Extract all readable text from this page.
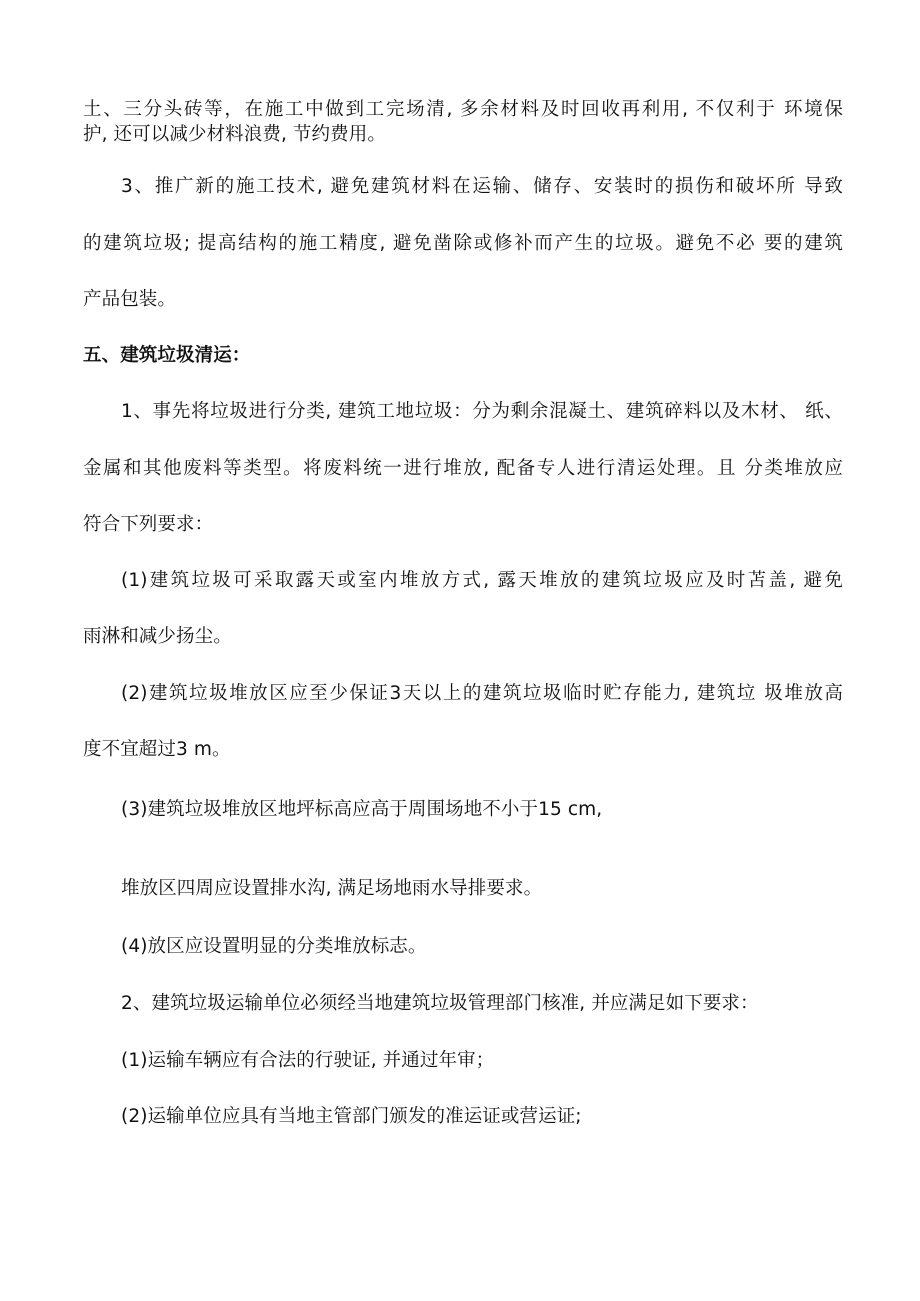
土、三分头砖等，在施工中做到工完场清, 多余材料及时回收再利用, 不仅利于 环境保
护, 还可以减少材料浪费, 节约费用。
3、推广新的施工技术, 避免建筑材料在运输、储存、安装时的损伤和破坏所 导致
的建筑垃圾; 提高结构的施工精度, 避免凿除或修补而产生的垃圾。避免不必 要的建筑
产品包装。
五、建筑垃圾清运：
1、事先将垃圾进行分类, 建筑工地垃圾：分为剩余混凝土、建筑碎料以及木材、 纸、
金属和其他废料等类型。将废料统一进行堆放, 配备专人进行清运处理。且 分类堆放应
符合下列要求：
(1)建筑垃圾可采取露天或室内堆放方式, 露天堆放的建筑垃圾应及时苫盖, 避免
雨淋和减少扬尘。
(2)建筑垃圾堆放区应至少保证3天以上的建筑垃圾临时贮存能力, 建筑垃 圾堆放高
度不宜超过3 m。
(3)建筑垃圾堆放区地坪标高应高于周围场地不小于15 cm,
堆放区四周应设置排水沟, 满足场地雨水导排要求。
(4)放区应设置明显的分类堆放标志。
2、建筑垃圾运输单位必须经当地建筑垃圾管理部门核准, 并应满足如下要求：
(1)运输车辆应有合法的行驶证, 并通过年审；
(2)运输单位应具有当地主管部门颁发的准运证或营运证;
